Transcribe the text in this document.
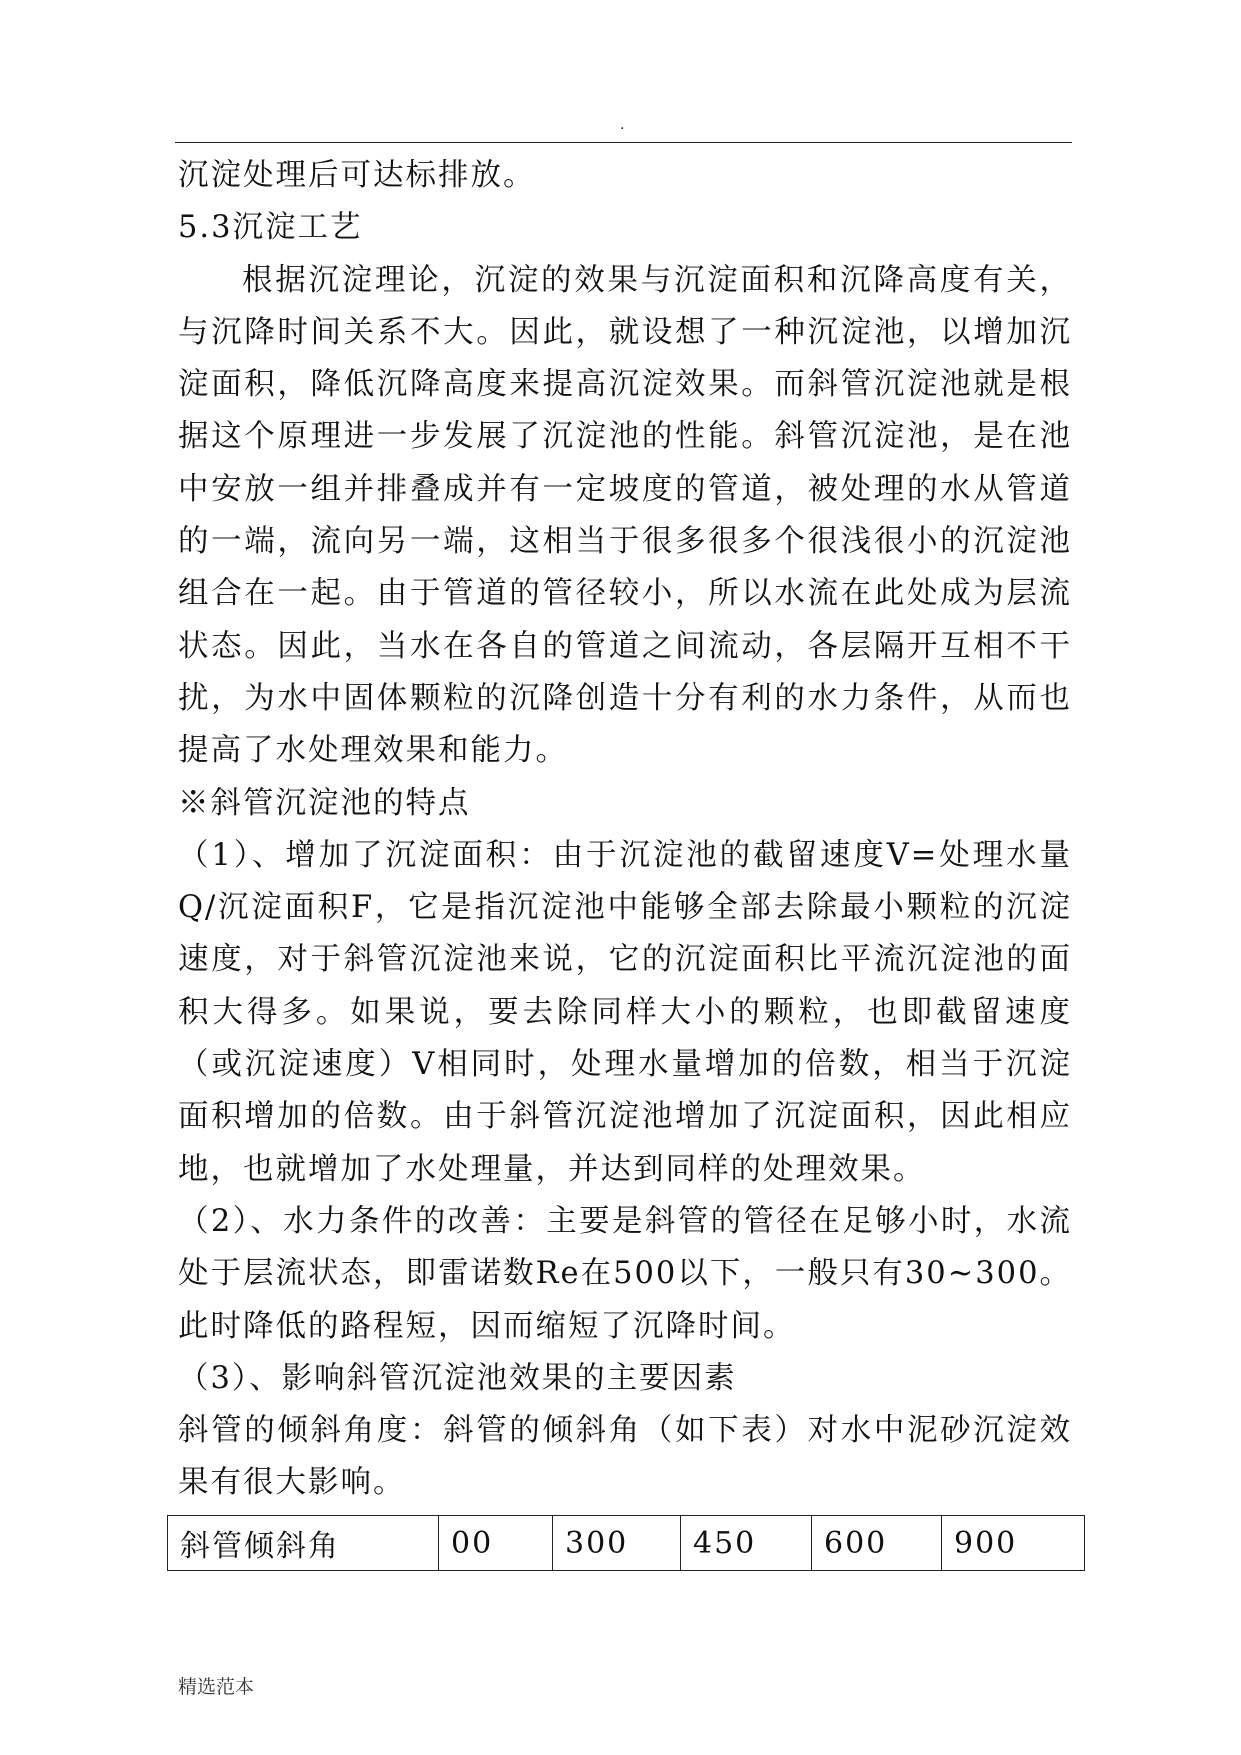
.

沉淀处理后可达标排放。

5.3沉淀工艺

根据沉淀理论，沉淀的效果与沉淀面积和沉降高度有关，与沉降时间关系不大。因此，就设想了一种沉淀池，以增加沉淀面积，降低沉降高度来提高沉淀效果。而斜管沉淀池就是根据这个原理进一步发展了沉淀池的性能。斜管沉淀池，是在池中安放一组并排叠成并有一定坡度的管道，被处理的水从管道的一端，流向另一端，这相当于很多很多个很浅很小的沉淀池组合在一起。由于管道的管径较小，所以水流在此处成为层流状态。因此，当水在各自的管道之间流动，各层隔开互相不干扰，为水中固体颗粒的沉降创造十分有利的水力条件，从而也提高了水处理效果和能力。

※斜管沉淀池的特点

（1）、增加了沉淀面积：由于沉淀池的截留速度V=处理水量Q/沉淀面积F，它是指沉淀池中能够全部去除最小颗粒的沉淀速度，对于斜管沉淀池来说，它的沉淀面积比平流沉淀池的面积大得多。如果说，要去除同样大小的颗粒，也即截留速度（或沉淀速度）V相同时，处理水量增加的倍数，相当于沉淀面积增加的倍数。由于斜管沉淀池增加了沉淀面积，因此相应地，也就增加了水处理量，并达到同样的处理效果。

（2）、水力条件的改善：主要是斜管的管径在足够小时，水流处于层流状态，即雷诺数Re在500以下，一般只有30~300。此时降低的路程短，因而缩短了沉降时间。

（3）、影响斜管沉淀池效果的主要因素

斜管的倾斜角度：斜管的倾斜角（如下表）对水中泥砂沉淀效果有很大影响。

斜管倾斜角	00	300	450	600	900
精选范本
